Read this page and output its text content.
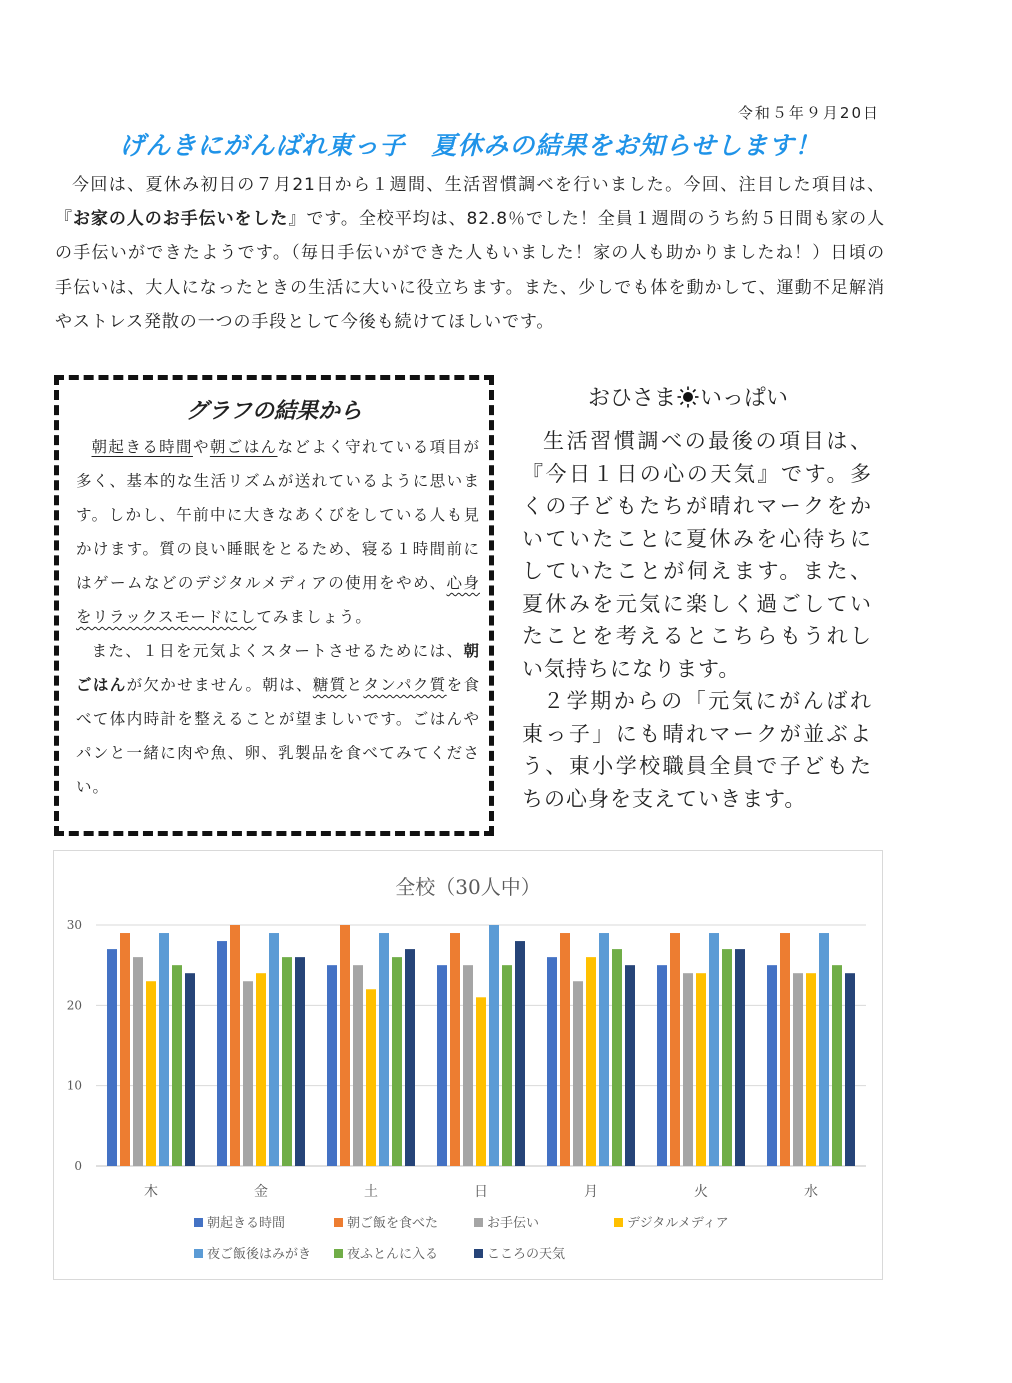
令和５年９月20日
げんきにがんばれ東っ子　夏休みの結果をお知らせします！
今回は、夏休み初日の７月21日から１週間、生活習慣調べを行いました。今回、注目した項目は、『お家の人のお手伝いをした』です。全校平均は、82.8％でした！全員１週間のうち約５日間も家の人の手伝いができたようです。（毎日手伝いができた人もいました！家の人も助かりましたね！）日頃の手伝いは、大人になったときの生活に大いに役立ちます。また、少しでも体を動かして、運動不足解消やストレス発散の一つの手段として今後も続けてほしいです。
グラフの結果から

朝起きる時間や朝ごはんなどよく守れている項目が多く、基本的な生活リズムが送れているように思います。しかし、午前中に大きなあくびをしている人も見かけます。質の良い睡眠をとるため、寝る１時間前にはゲームなどのデジタルメディアの使用をやめ、心身をリラックスモードにしてみましょう。

また、１日を元気よくスタートさせるためには、朝ごはんが欠かせません。朝は、糖質とタンパク質を食べて体内時計を整えることが望ましいです。ごはんやパンと一緒に肉や魚、卵、乳製品を食べてみてください。

おひさま いっぱい

生活習慣調べの最後の項目は、『今日１日の心の天気』です。多くの子どもたちが晴れマークをかいていたことに夏休みを心待ちにしていたことが伺えます。また、夏休みを元気に楽しく過ごしていたことを考えるとこちらもうれしい気持ちになります。

２学期からの「元気にがんばれ東っ子」にも晴れマークが並ぶよう、東小学校職員全員で子どもたちの心身を支えていきます。

全校（30人中）
0
10
20
30
木	金	土	日	月	火	水
朝起きる時間	朝ご飯を食べた	お手伝い	デジタルメディア
夜ご飯後はみがき	夜ふとんに入る	こころの天気
